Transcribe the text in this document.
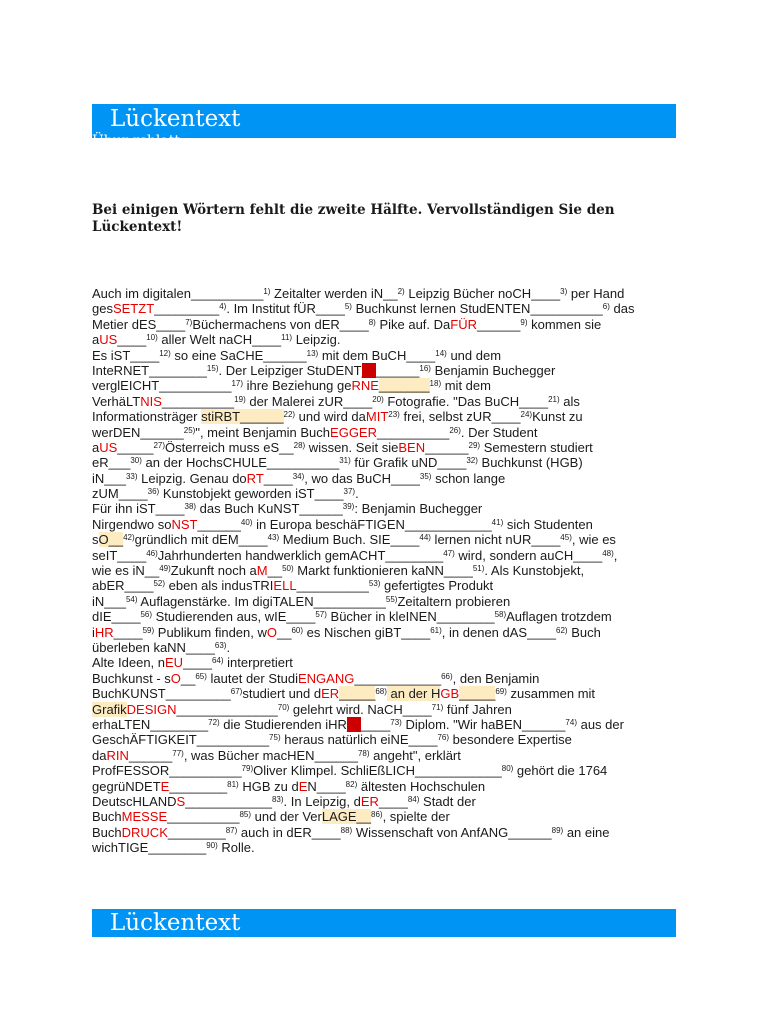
Lückentext
Übungsblatt
Bei einigen Wörtern fehlt die zweite Hälfte. Vervollständigen Sie den Lückentext!
Auch im digitalen__________$^{1)}$ Zeitalter werden iN__$^{2)}$ Leipzig Bücher noCH____$^{3)}$ per Hand
gesSETZT_________$^{4)}$. Im Institut fÜR____$^{5)}$ Buchkunst lernen StudENTEN__________$^{6)}$ das
Metier dES____$^{7)}$Büchermachens von dER____$^{8)}$ Pike auf. DaFÜR______$^{9)}$ kommen sie
aUS____$^{10)}$ aller Welt naCH____$^{11)}$ Leipzig.
Es iST____$^{12)}$ so eine SaCHE______$^{13)}$ mit dem BuCH____$^{14)}$ und dem
InteRNET________$^{15)}$. Der Leipziger StuDENT________$^{16)}$ Benjamin Buchegger
verglEICHT__________$^{17)}$ ihre Beziehung geRNE_______$^{18)}$ mit dem
VerhäLTNIS__________$^{19)}$ der Malerei zUR____$^{20)}$ Fotografie. "Das BuCH____$^{21)}$ als
Informationsträger stiRBT______$^{22)}$ und wird daMIT$^{23)}$ frei, selbst zUR____$^{24)}$Kunst zu
werDEN______$^{25)}$", meint Benjamin BuchEGGER__________$^{26)}$. Der Student
aUS_____$^{27)}$Österreich muss eS__$^{28)}$ wissen. Seit sieBEN______$^{29)}$ Semestern studiert
eR___$^{30)}$ an der HochsCHULE__________$^{31)}$ für Grafik uND____$^{32)}$ Buchkunst (HGB)
iN___$^{33)}$ Leipzig. Genau doRT____$^{34)}$, wo das BuCH____$^{35)}$ schon lange
zUM____$^{36)}$ Kunstobjekt geworden iST____$^{37)}$.
Für ihn iST____$^{38)}$ das Buch KuNST______$^{39)}$: Benjamin Buchegger
Nirgendwo soNST______$^{40)}$ in Europa beschäFTIGEN____________$^{41)}$ sich Studenten
sO__$^{42)}$gründlich mit dEM____$^{43)}$ Medium Buch. SIE____$^{44)}$ lernen nicht nUR____$^{45)}$, wie es
seIT____$^{46)}$Jahrhunderten handwerklich gemACHT________$^{47)}$ wird, sondern auCH____$^{48)}$,
wie es iN__$^{49)}$Zukunft noch aM__$^{50)}$ Markt funktionieren kaNN____$^{51)}$. Als Kunstobjekt,
abER____$^{52)}$ eben als indusTRIELL__________$^{53)}$ gefertigtes Produkt
iN___$^{54)}$ Auflagenstärke. Im digiTALEN__________$^{55)}$Zeitaltern probieren
dIE____$^{56)}$ Studierenden aus, wIE____$^{57)}$ Bücher in kleINEN________$^{58)}$Auflagen trotzdem
iHR____$^{59)}$ Publikum finden, wO__$^{60)}$ es Nischen giBT____$^{61)}$, in denen dAS____$^{62)}$ Buch
überleben kaNN____$^{63)}$.
Alte Ideen, nEU____$^{64)}$ interpretiert
Buchkunst - sO__$^{65)}$ lautet der StudiENGANG____________$^{66)}$, den Benjamin
BuchKUNST_________$^{67)}$studiert und dER_____$^{68)}$ an der HGB_____$^{69)}$ zusammen mit
GrafikDESIGN______________$^{70)}$ gelehrt wird. NaCH____$^{71)}$ fünf Jahren
erhaLTEN________$^{72)}$ die Studierenden iHR______$^{73)}$ Diplom. "Wir haBEN______$^{74)}$ aus der
GeschÄFTIGKEIT__________$^{75)}$ heraus natürlich eiNE____$^{76)}$ besondere Expertise
daRIN______$^{77)}$, was Bücher macHEN______$^{78)}$ angeht", erklärt
ProfFESSOR__________$^{79)}$Oliver Klimpel. SchliEßLICH____________$^{80)}$ gehört die 1764
gegrüNDETE________$^{81)}$ HGB zu dEN____$^{82)}$ ältesten Hochschulen
DeutscHLANDS____________$^{83)}$. In Leipzig, dER____$^{84)}$ Stadt der
BuchMESSE__________$^{85)}$ und der VerLAGE__$^{86)}$, spielte der
BuchDRUCK________$^{87)}$ auch in dER____$^{88)}$ Wissenschaft von AnfANG______$^{89)}$ an eine
wichTIGE________$^{90)}$ Rolle.
Lückentext
